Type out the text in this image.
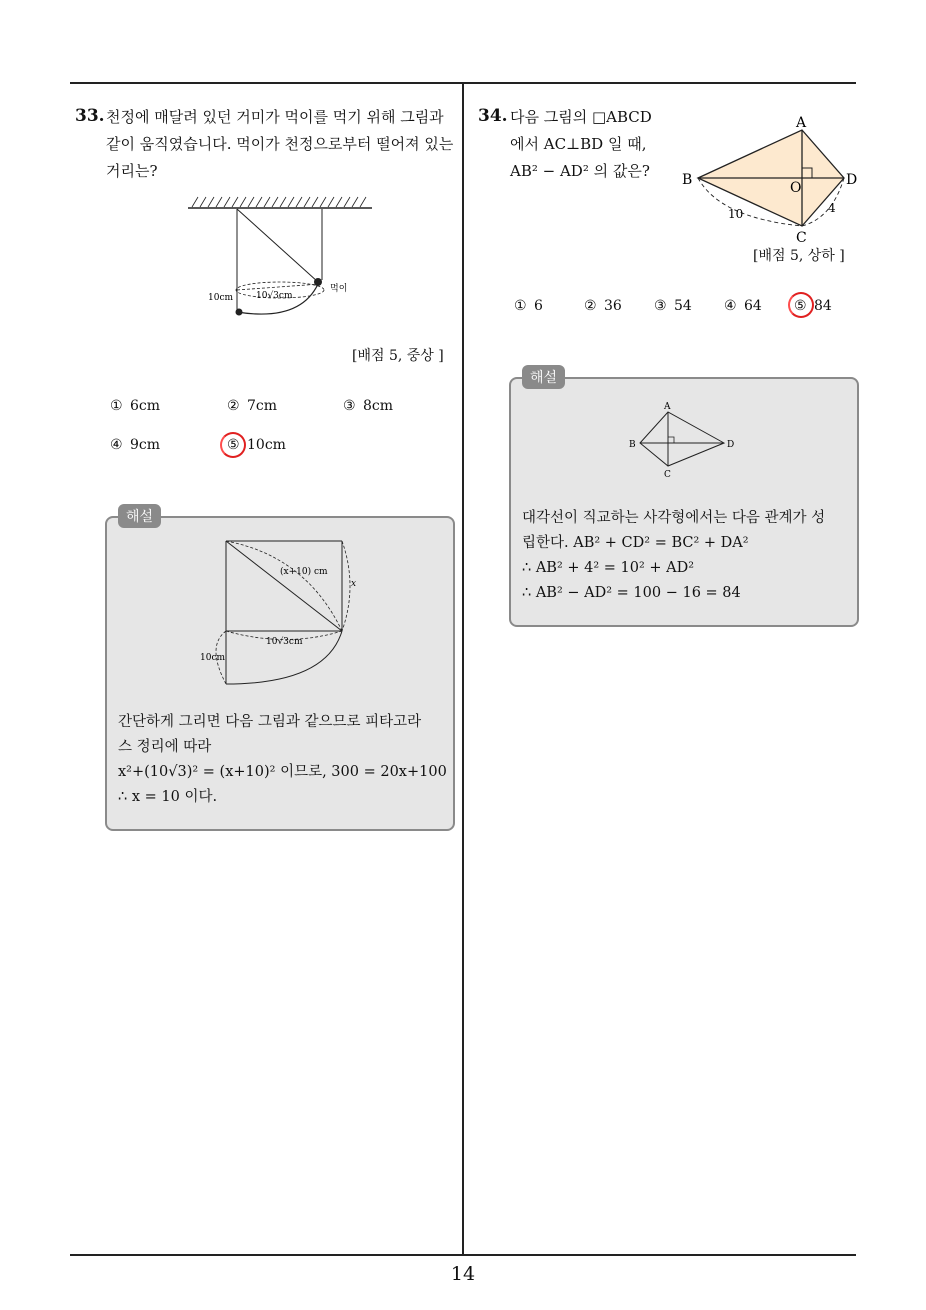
14
33. 천정에 매달려 있던 거미가 먹이를 먹기 위해 그림과

같이 움직였습니다. 먹이가 천정으로부터 떨어져 있는

거리는?

먹이
10cm	10√3cm
[배점 5, 중상 ]
① 6cm	② 7cm	③ 8cm
④ 9cm	⑤ 10cm
해설
(x+10) cm
x
10√3cm
10cm

간단하게 그리면 다음 그림과 같으므로 피타고라

스 정리에 따라

x²+(10√3)² = (x+10)² 이므로, 300 = 20x+100

∴ x = 10 이다.

34. 다음 그림의 □ABCD

에서 AC⊥BD 일 때,

AB² − AD² 의 값은?

A
B
C
D
O
10	4
[배점 5, 상하 ]
① 6	② 36 ③ 54 ④ 64 ⑤ 84
해설
A
B
C
D

대각선이 직교하는 사각형에서는 다음 관계가 성

립한다. AB² + CD² = BC² + DA²

∴ AB² + 4² = 10² + AD²

∴ AB² − AD² = 100 − 16 = 84
